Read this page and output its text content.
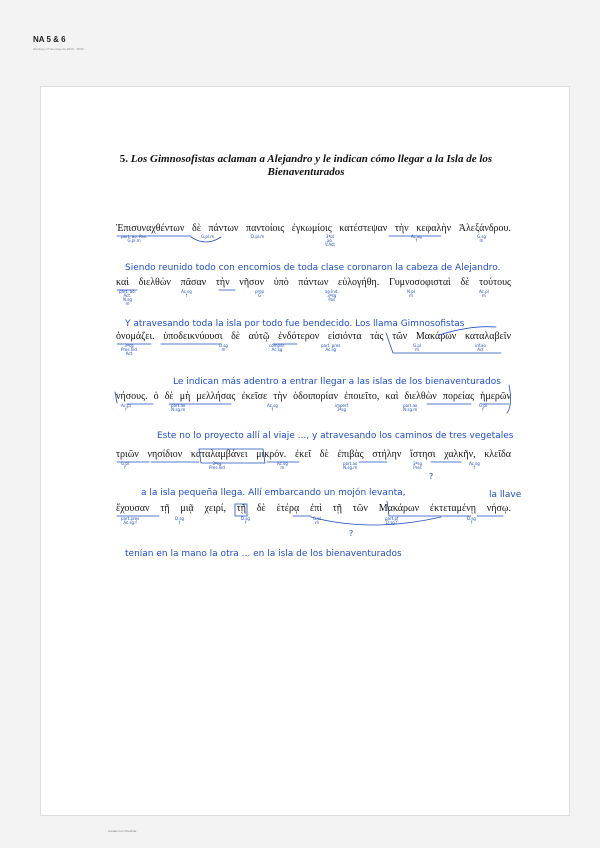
NA 5 & 6
domingo, 17 de mayo de 2020 · 18:50
5. Los Gimnosofistas aclaman a Alejandro y le indican cómo llegar a la Isla de los Bienaventurados
Ἐπισυναχθέντων δὲ πάντων παντοίοις ἐγκωμίοις κατέστεψαν τὴν κεφαλὴν Ἀλεξάνδρου.
καὶ διελθὼν πᾶσαν τὴν νῆσον ὑπὸ πάντων εὐλογήθη. Γυμνοσοφισταὶ δὲ τούτους
ὀνομάζει. ὑποδεικνύουσι δὲ αὐτῷ ἐνδότερον εἰσιόντα τὰς τῶν Μακάρων καταλαβεῖν
νήσους. ὁ δὲ μὴ μελλήσας ἐκεῖσε τὴν ὁδοιπορίαν ἐποιεῖτο, καὶ διελθὼν πορείας ἡμερῶν
τριῶν νησίδιον καταλαμβάνει μικρόν. ἐκεῖ δὲ ἐπιβὰς στήλην ἵστησι χαλκῆν, κλεῖδα
ἔχουσαν τῇ μιᾷ χειρί, τῇ δὲ ἑτέρᾳ ἐπὶ τῇ τῶν Μακάρων ἐκτεταμένῃ νήσῳ.
Siendo reunido todo con encomios de toda clase coronaron la cabeza de Alejandro.
Y atravesando toda la isla por todo fue bendecido. Los llama Gimnosofistas
Le indican más adentro a entrar llegar a las islas de los bienaventurados
Este no lo proyecto allí al viaje ..., y atravesando los caminos de tres vegetales
a la isla pequeña llega. Allí embarcando un mojón levanta,	la llave
tenían en la mano la otra ... en la isla de los bienaventurados
part. ao. Pas.
G.pl.m
G.pl.m	D.pl.m	3ªpl
ao.
V.Act
Ac.sg
f
G.sg
m
part. ao.
Act.
N.sg
m
Ac.sg
f
prep
G
ao.Ind.
3ªsg
Pas
N.pl
m
Ac.pl
m
3ªsg
Pres.Ind
Act
D.sg
m
compar.
Ac.sg
part. pres
Ac.sg
G.pl
m
inf.ao
Act
Ac.pl
f
part.ao
N.sg.m
Ac.sg
f
imperf
3ªsg
part.ao
N.sg.m
G.pl
f
G.pl
f
3ªsg
Pres.Ind
Ac.sg
m
part.ao
N.sg.m
3ªsg
Pres
Ac.sg
f
part.pres
Ac.sg.f
D.sg
f
D.sg
f
G.pl
m
part.pf
D.sg.f
D.sg
f
?
?
Creado con OneNote.
